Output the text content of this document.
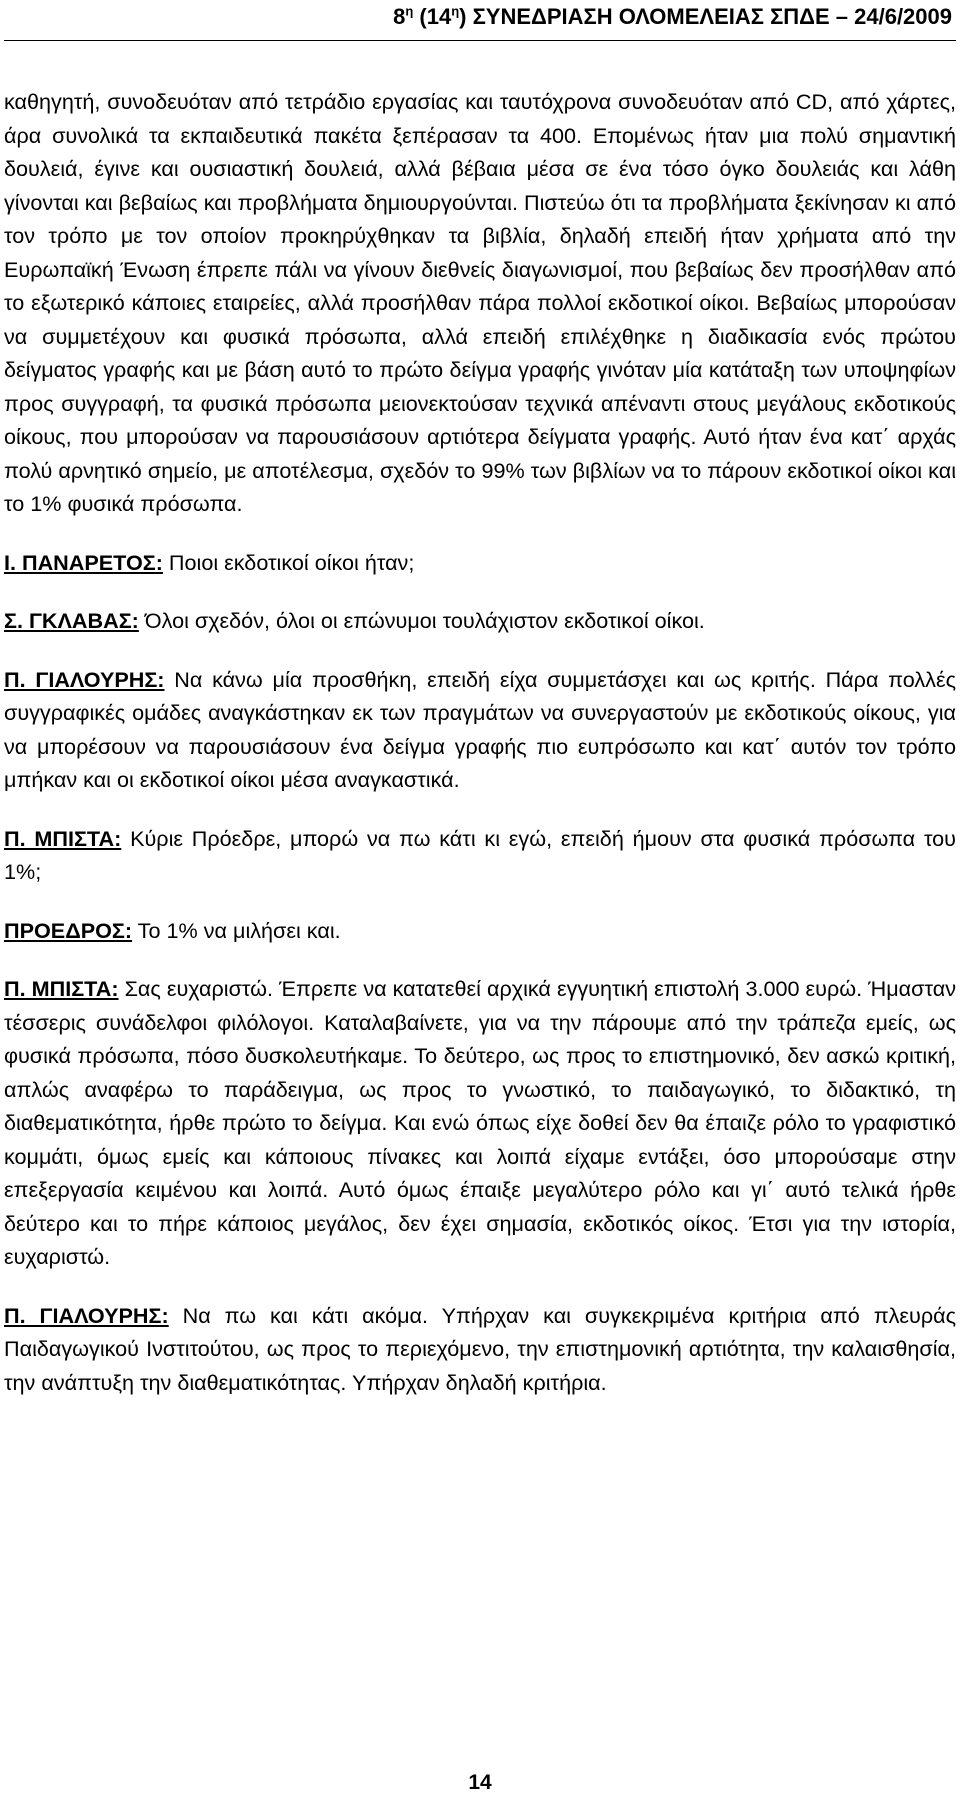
$8^\eta$ $(14^\eta)$ ΣΥΝΕΔΡΙΑΣΗ ΟΛΟΜΕΛΕΙΑΣ ΣΠΔΕ – 24/6/2009

καθηγητή, συνοδευόταν από τετράδιο εργασίας και ταυτόχρονα συνοδευόταν από CD, από χάρτες, άρα συνολικά τα εκπαιδευτικά πακέτα ξεπέρασαν τα 400. Επομένως ήταν μια πολύ σημαντική δουλειά, έγινε και ουσιαστική δουλειά, αλλά βέβαια μέσα σε ένα τόσο όγκο δουλειάς και λάθη γίνονται και βεβαίως και προβλήματα δημιουργούνται. Πιστεύω ότι τα προβλήματα ξεκίνησαν κι από τον τρόπο με τον οποίον προκηρύχθηκαν τα βιβλία, δηλαδή επειδή ήταν χρήματα από την Ευρωπαϊκή Ένωση έπρεπε πάλι να γίνουν διεθνείς διαγωνισμοί, που βεβαίως δεν προσήλθαν από το εξωτερικό κάποιες εταιρείες, αλλά προσήλθαν πάρα πολλοί εκδοτικοί οίκοι. Βεβαίως μπορούσαν να συμμετέχουν και φυσικά πρόσωπα, αλλά επειδή επιλέχθηκε η διαδικασία ενός πρώτου δείγματος γραφής και με βάση αυτό το πρώτο δείγμα γραφής γινόταν μία κατάταξη των υποψηφίων προς συγγραφή, τα φυσικά πρόσωπα μειονεκτούσαν τεχνικά απέναντι στους μεγάλους εκδοτικούς οίκους, που μπορούσαν να παρουσιάσουν αρτιότερα δείγματα γραφής. Αυτό ήταν ένα κατ΄ αρχάς πολύ αρνητικό σημείο, με αποτέλεσμα, σχεδόν το 99% των βιβλίων να το πάρουν εκδοτικοί οίκοι και το 1% φυσικά πρόσωπα.

Ι. ΠΑΝΑΡΕΤΟΣ: Ποιοι εκδοτικοί οίκοι ήταν;

Σ. ΓΚΛΑΒΑΣ: Όλοι σχεδόν, όλοι οι επώνυμοι τουλάχιστον εκδοτικοί οίκοι.

Π. ΓΙΑΛΟΥΡΗΣ: Να κάνω μία προσθήκη, επειδή είχα συμμετάσχει και ως κριτής. Πάρα πολλές συγγραφικές ομάδες αναγκάστηκαν εκ των πραγμάτων να συνεργαστούν με εκδοτικούς οίκους, για να μπορέσουν να παρουσιάσουν ένα δείγμα γραφής πιο ευπρόσωπο και κατ΄ αυτόν τον τρόπο μπήκαν και οι εκδοτικοί οίκοι μέσα αναγκαστικά.

Π. ΜΠΙΣΤΑ: Κύριε Πρόεδρε, μπορώ να πω κάτι κι εγώ, επειδή ήμουν στα φυσικά πρόσωπα του 1%;

ΠΡΟΕΔΡΟΣ: Το 1% να μιλήσει και.

Π. ΜΠΙΣΤΑ: Σας ευχαριστώ. Έπρεπε να κατατεθεί αρχικά εγγυητική επιστολή 3.000 ευρώ. Ήμασταν τέσσερις συνάδελφοι φιλόλογοι. Καταλαβαίνετε, για να την πάρουμε από την τράπεζα εμείς, ως φυσικά πρόσωπα, πόσο δυσκολευτήκαμε. Το δεύτερο, ως προς το επιστημονικό, δεν ασκώ κριτική, απλώς αναφέρω το παράδειγμα, ως προς το γνωστικό, το παιδαγωγικό, το διδακτικό, τη διαθεματικότητα, ήρθε πρώτο το δείγμα. Και ενώ όπως είχε δοθεί δεν θα έπαιζε ρόλο το γραφιστικό κομμάτι, όμως εμείς και κάποιους πίνακες και λοιπά είχαμε εντάξει, όσο μπορούσαμε στην επεξεργασία κειμένου και λοιπά. Αυτό όμως έπαιξε μεγαλύτερο ρόλο και γι΄ αυτό τελικά ήρθε δεύτερο και το πήρε κάποιος μεγάλος, δεν έχει σημασία, εκδοτικός οίκος. Έτσι για την ιστορία, ευχαριστώ.

Π. ΓΙΑΛΟΥΡΗΣ: Να πω και κάτι ακόμα. Υπήρχαν και συγκεκριμένα κριτήρια από πλευράς Παιδαγωγικού Ινστιτούτου, ως προς το περιεχόμενο, την επιστημονική αρτιότητα, την καλαισθησία, την ανάπτυξη την διαθεματικότητας. Υπήρχαν δηλαδή κριτήρια.

14
